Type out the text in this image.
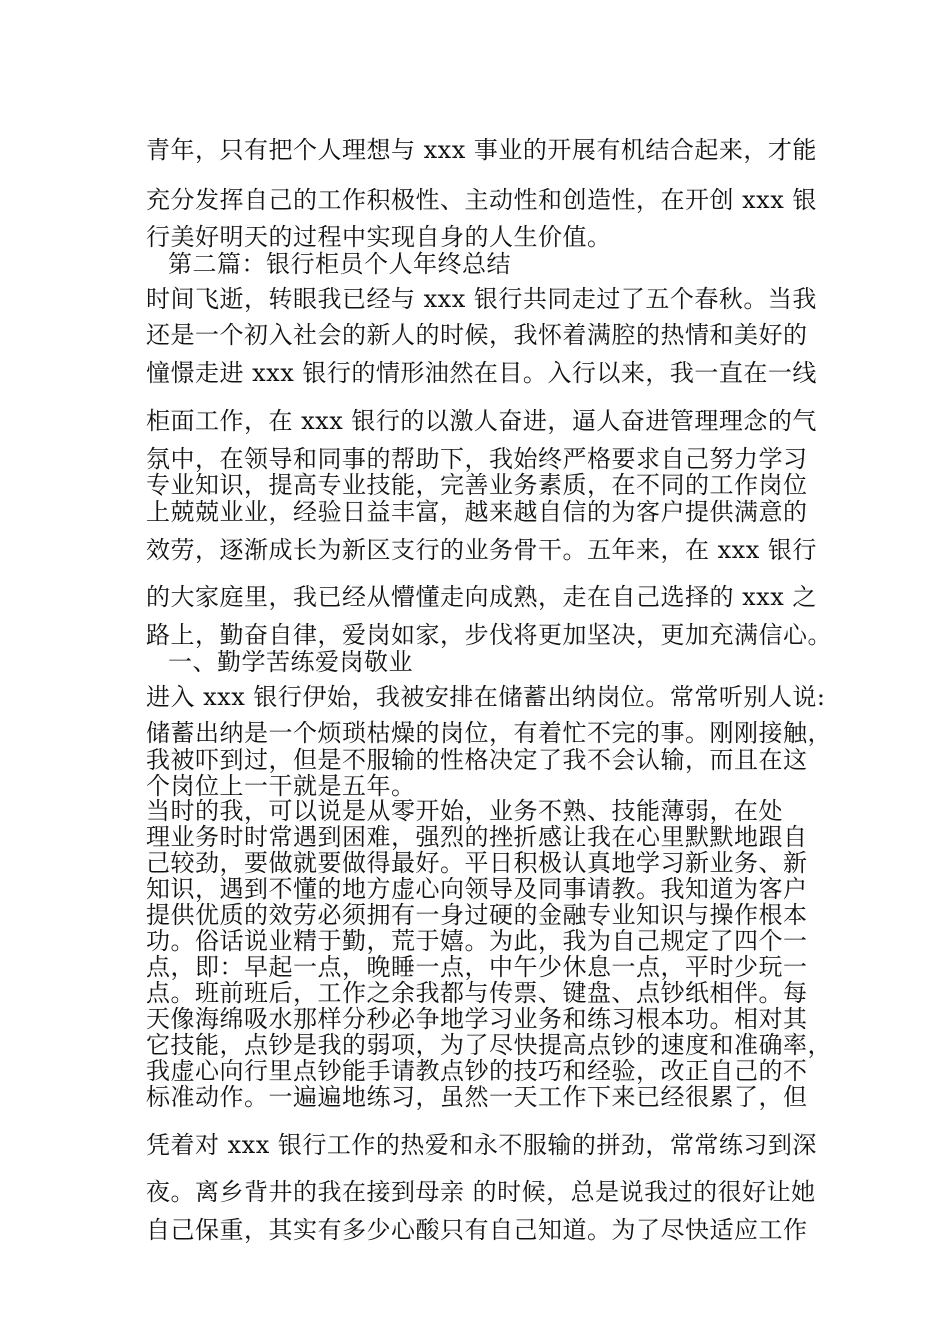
青年，只有把个人理想与 xxx 事业的开展有机结合起来，才能
充分发挥自己的工作积极性、主动性和创造性，在开创 xxx 银
行美好明天的过程中实现自身的人生价值。
第二篇：银行柜员个人年终总结
时间飞逝，转眼我已经与 xxx 银行共同走过了五个春秋。当我
还是一个初入社会的新人的时候，我怀着满腔的热情和美好的
憧憬走进 xxx 银行的情形油然在目。入行以来，我一直在一线
柜面工作，在 xxx 银行的以激人奋进，逼人奋进管理理念的气
氛中，在领导和同事的帮助下，我始终严格要求自己努力学习
专业知识，提高专业技能，完善业务素质，在不同的工作岗位
上兢兢业业，经验日益丰富，越来越自信的为客户提供满意的
效劳，逐渐成长为新区支行的业务骨干。五年来，在 xxx 银行
的大家庭里，我已经从懵懂走向成熟，走在自己选择的 xxx 之
路上，勤奋自律，爱岗如家，步伐将更加坚决，更加充满信心。
一、勤学苦练爱岗敬业
进入 xxx 银行伊始，我被安排在储蓄出纳岗位。常常听别人说:
储蓄出纳是一个烦琐枯燥的岗位，有着忙不完的事。刚刚接触，
我被吓到过，但是不服输的性格决定了我不会认输，而且在这
个岗位上一干就是五年。
当时的我，可以说是从零开始，业务不熟、技能薄弱，在处
理业务时时常遇到困难，强烈的挫折感让我在心里默默地跟自
己较劲，要做就要做得最好。平日积极认真地学习新业务、新
知识，遇到不懂的地方虚心向领导及同事请教。我知道为客户
提供优质的效劳必须拥有一身过硬的金融专业知识与操作根本
功。俗话说业精于勤，荒于嬉。为此，我为自己规定了四个一
点，即：早起一点，晚睡一点，中午少休息一点，平时少玩一
点。班前班后，工作之余我都与传票、键盘、点钞纸相伴。每
天像海绵吸水那样分秒必争地学习业务和练习根本功。相对其
它技能，点钞是我的弱项，为了尽快提高点钞的速度和准确率，
我虚心向行里点钞能手请教点钞的技巧和经验，改正自己的不
标准动作。一遍遍地练习，虽然一天工作下来已经很累了，但
凭着对 xxx 银行工作的热爱和永不服输的拼劲，常常练习到深
夜。离乡背井的我在接到母亲 的时候，总是说我过的很好让她
自己保重，其实有多少心酸只有自己知道。为了尽快适应工作
